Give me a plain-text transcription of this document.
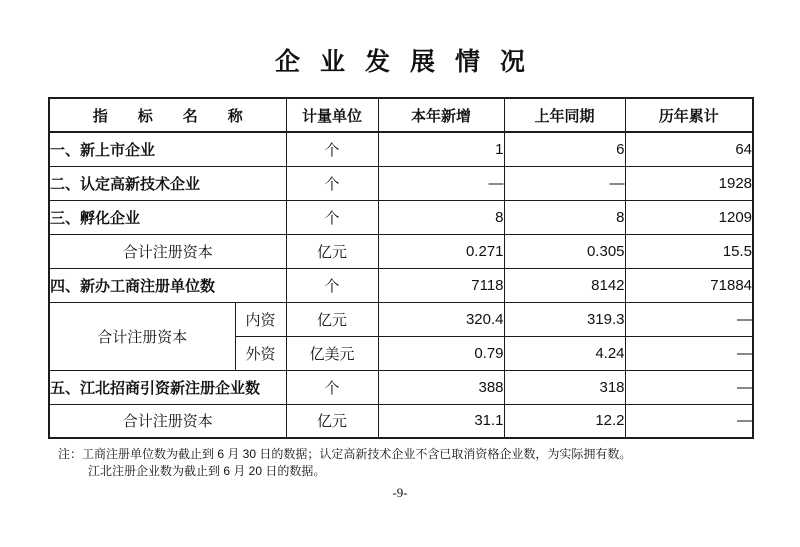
企业发展情况
指标名称		计量单位	本年新增	上年同期	历年累计
一、新上市企业		个	1	6	64
二、认定高新技术企业		个	—	—	1928
三、孵化企业		个	8	8	1209
合计注册资本		亿元	0.271	0.305	15.5
四、新办工商注册单位数		个	7118	8142	71884
合计注册资本	内资	亿元	320.4	319.3	—
	外资	亿美元	0.79	4.24	—
五、江北招商引资新注册企业数		个	388	318	—
合计注册资本		亿元	31.1	12.2	—
注：工商注册单位数为截止到 6 月 30 日的数据；认定高新技术企业不含已取消资格企业数，为实际拥有数。
江北注册企业数为截止到 6 月 20 日的数据。
-9-
